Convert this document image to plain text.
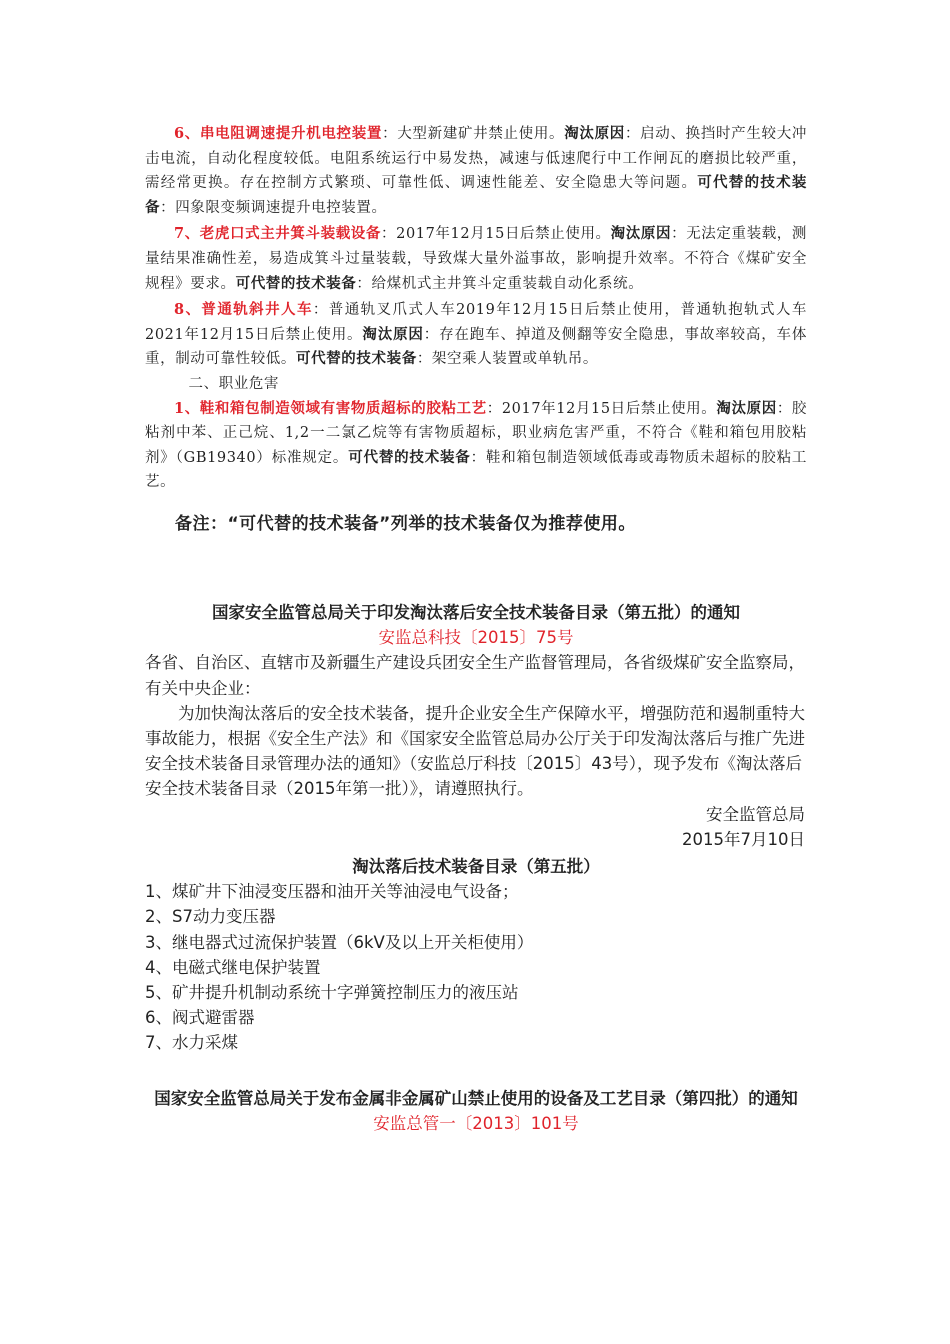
6、串电阻调速提升机电控装置：大型新建矿井禁止使用。淘汰原因：启动、换挡时产生较大冲击电流，自动化程度较低。电阻系统运行中易发热，减速与低速爬行中工作闸瓦的磨损比较严重，需经常更换。存在控制方式繁琐、可靠性低、调速性能差、安全隐患大等问题。可代替的技术装备：四象限变频调速提升电控装置。

7、老虎口式主井箕斗装载设备：2017年12月15日后禁止使用。淘汰原因：无法定重装载，测量结果准确性差，易造成箕斗过量装载，导致煤大量外溢事故，影响提升效率。不符合《煤矿安全规程》要求。可代替的技术装备：给煤机式主井箕斗定重装载自动化系统。

8、普通轨斜井人车：普通轨叉爪式人车2019年12月15日后禁止使用，普通轨抱轨式人车2021年12月15日后禁止使用。淘汰原因：存在跑车、掉道及侧翻等安全隐患，事故率较高，车体重，制动可靠性较低。可代替的技术装备：架空乘人装置或单轨吊。

二、职业危害

1、鞋和箱包制造领域有害物质超标的胶粘工艺：2017年12月15日后禁止使用。淘汰原因：胶粘剂中苯、正己烷、1,2一二氯乙烷等有害物质超标，职业病危害严重，不符合《鞋和箱包用胶粘剂》（GB19340）标准规定。可代替的技术装备：鞋和箱包制造领域低毒或毒物质未超标的胶粘工艺。

备注：“可代替的技术装备”列举的技术装备仅为推荐使用。

国家安全监管总局关于印发淘汰落后安全技术装备目录（第五批）的通知

安监总科技〔2015〕75号

各省、自治区、直辖市及新疆生产建设兵团安全生产监督管理局，各省级煤矿安全监察局，有关中央企业：

为加快淘汰落后的安全技术装备，提升企业安全生产保障水平，增强防范和遏制重特大事故能力，根据《安全生产法》和《国家安全监管总局办公厅关于印发淘汰落后与推广先进安全技术装备目录管理办法的通知》（安监总厅科技〔2015〕43号），现予发布《淘汰落后安全技术装备目录（2015年第一批）》，请遵照执行。

安全监管总局

2015年7月10日

淘汰落后技术装备目录（第五批）

1、煤矿井下油浸变压器和油开关等油浸电气设备；
2、S7动力变压器
3、继电器式过流保护装置（6kV及以上开关柜使用）
4、电磁式继电保护装置
5、矿井提升机制动系统十字弹簧控制压力的液压站
6、阀式避雷器
7、水力采煤

国家安全监管总局关于发布金属非金属矿山禁止使用的设备及工艺目录（第四批）的通知

安监总管一〔2013〕101号
